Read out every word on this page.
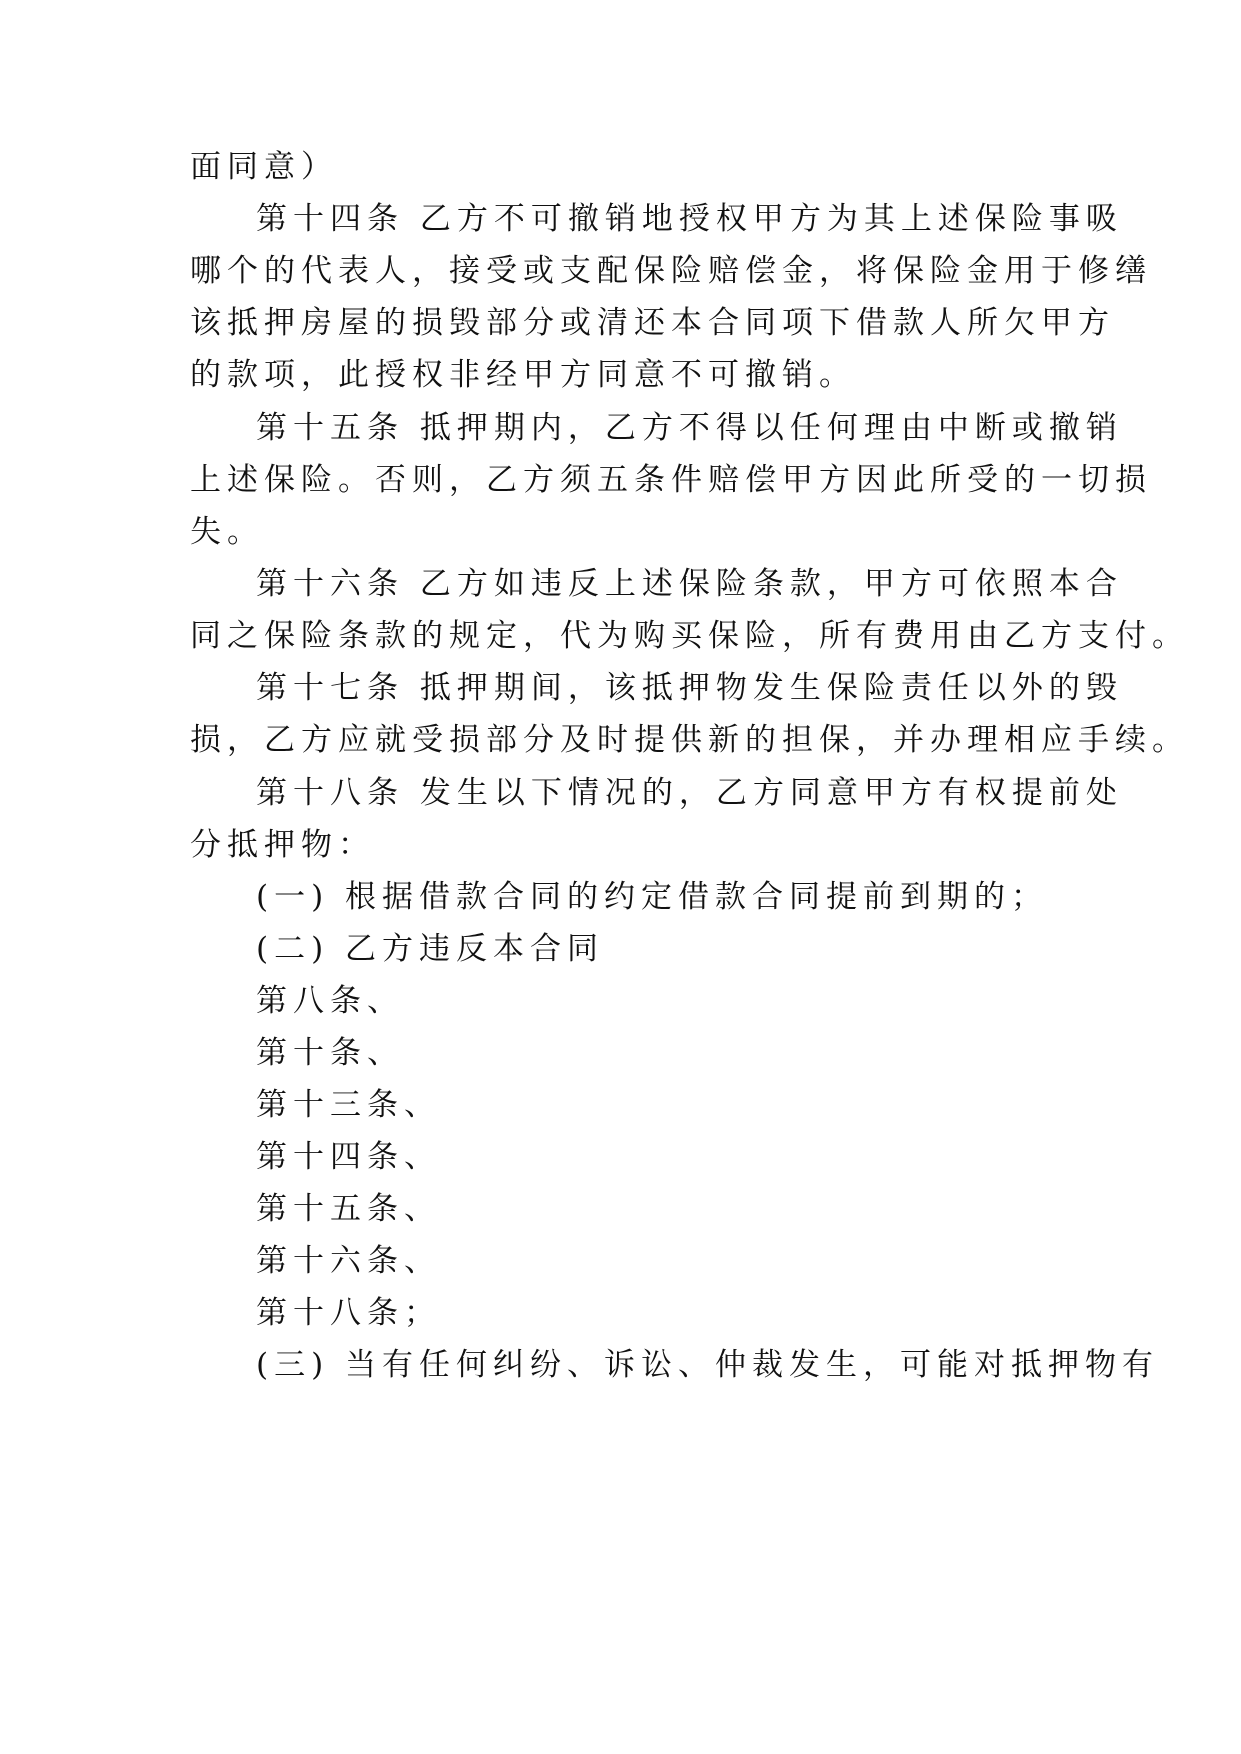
面同意）
第十四条 乙方不可撤销地授权甲方为其上述保险事吸
哪个的代表人，接受或支配保险赔偿金，将保险金用于修缮
该抵押房屋的损毁部分或清还本合同项下借款人所欠甲方
的款项，此授权非经甲方同意不可撤销。
第十五条 抵押期内，乙方不得以任何理由中断或撤销
上述保险。否则，乙方须五条件赔偿甲方因此所受的一切损
失。
第十六条 乙方如违反上述保险条款，甲方可依照本合
同之保险条款的规定，代为购买保险，所有费用由乙方支付。
第十七条 抵押期间，该抵押物发生保险责任以外的毁
损，乙方应就受损部分及时提供新的担保，并办理相应手续。
第十八条 发生以下情况的，乙方同意甲方有权提前处
分抵押物：
(一) 根据借款合同的约定借款合同提前到期的；
(二) 乙方违反本合同
第八条、
第十条、
第十三条、
第十四条、
第十五条、
第十六条、
第十八条；
(三) 当有任何纠纷、诉讼、仲裁发生，可能对抵押物有
